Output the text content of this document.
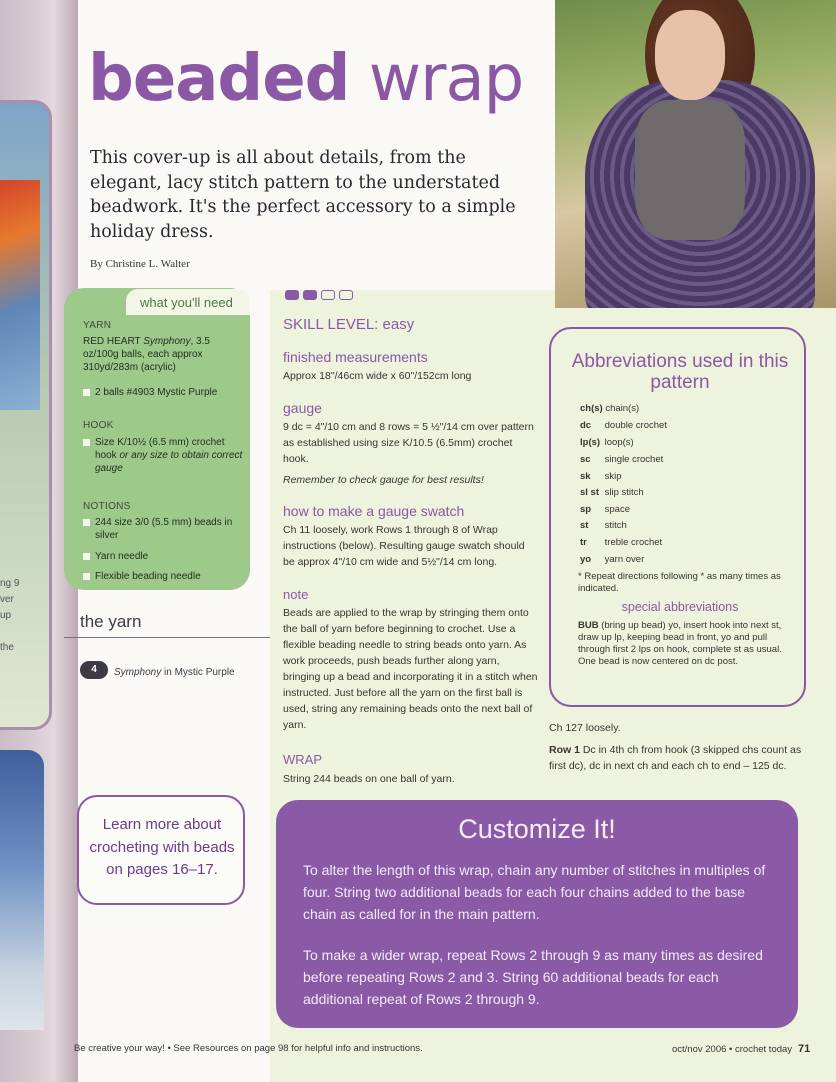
ng 9
ver
up
the
beaded wrap
This cover-up is all about details, from the elegant, lacy stitch pattern to the understated beadwork. It's the perfect accessory to a simple holiday dress.
By Christine L. Walter
what you'll need
YARN
RED HEART Symphony, 3.5 oz/100g balls, each approx 310yd/283m (acrylic)
2 balls #4903 Mystic Purple
HOOK
Size K/10½ (6.5 mm) crochet hook or any size to obtain correct gauge
NOTIONS
244 size 3/0 (5.5 mm) beads in silver
Yarn needle
Flexible beading needle
the yarn
4	Symphony in Mystic Purple
Learn more about crocheting with beads on pages 16–17.
SKILL LEVEL: easy
finished measurements
Approx 18"/46cm wide x 60"/152cm long
gauge
9 dc = 4"/10 cm and 8 rows = 5 ½"/14 cm over pattern as established using size K/10.5 (6.5mm) crochet hook.
Remember to check gauge for best results!
how to make a gauge swatch
Ch 11 loosely, work Rows 1 through 8 of Wrap instructions (below). Resulting gauge swatch should be approx 4"/10 cm wide and 5½"/14 cm long.
note
Beads are applied to the wrap by stringing them onto the ball of yarn before beginning to crochet. Use a flexible beading needle to string beads onto yarn. As work proceeds, push beads further along yarn, bringing up a bead and incorporating it in a stitch when instructed. Just before all the yarn on the first ball is used, string any remaining beads onto the next ball of yarn.
WRAP
String 244 beads on one ball of yarn.
Abbreviations used in this pattern
ch(s) chain(s)
dc double crochet
lp(s) loop(s)
sc single crochet
sk skip
sl st slip stitch
sp space
st stitch
tr treble crochet
yo yarn over
* Repeat directions following * as many times as indicated.
special abbreviations
BUB (bring up bead) yo, insert hook into next st, draw up lp, keeping bead in front, yo and pull through first 2 lps on hook, complete st as usual. One bead is now centered on dc post.
Ch 127 loosely.
Row 1 Dc in 4th ch from hook (3 skipped chs count as first dc), dc in next ch and each ch to end – 125 dc.
Customize It!
To alter the length of this wrap, chain any number of stitches in multiples of four. String two additional beads for each four chains added to the base chain as called for in the main pattern.
To make a wider wrap, repeat Rows 2 through 9 as many times as desired before repeating Rows 2 and 3. String 60 additional beads for each additional repeat of Rows 2 through 9.
Be creative your way! • See Resources on page 98 for helpful info and instructions.	oct/nov 2006 • crochet today 71
